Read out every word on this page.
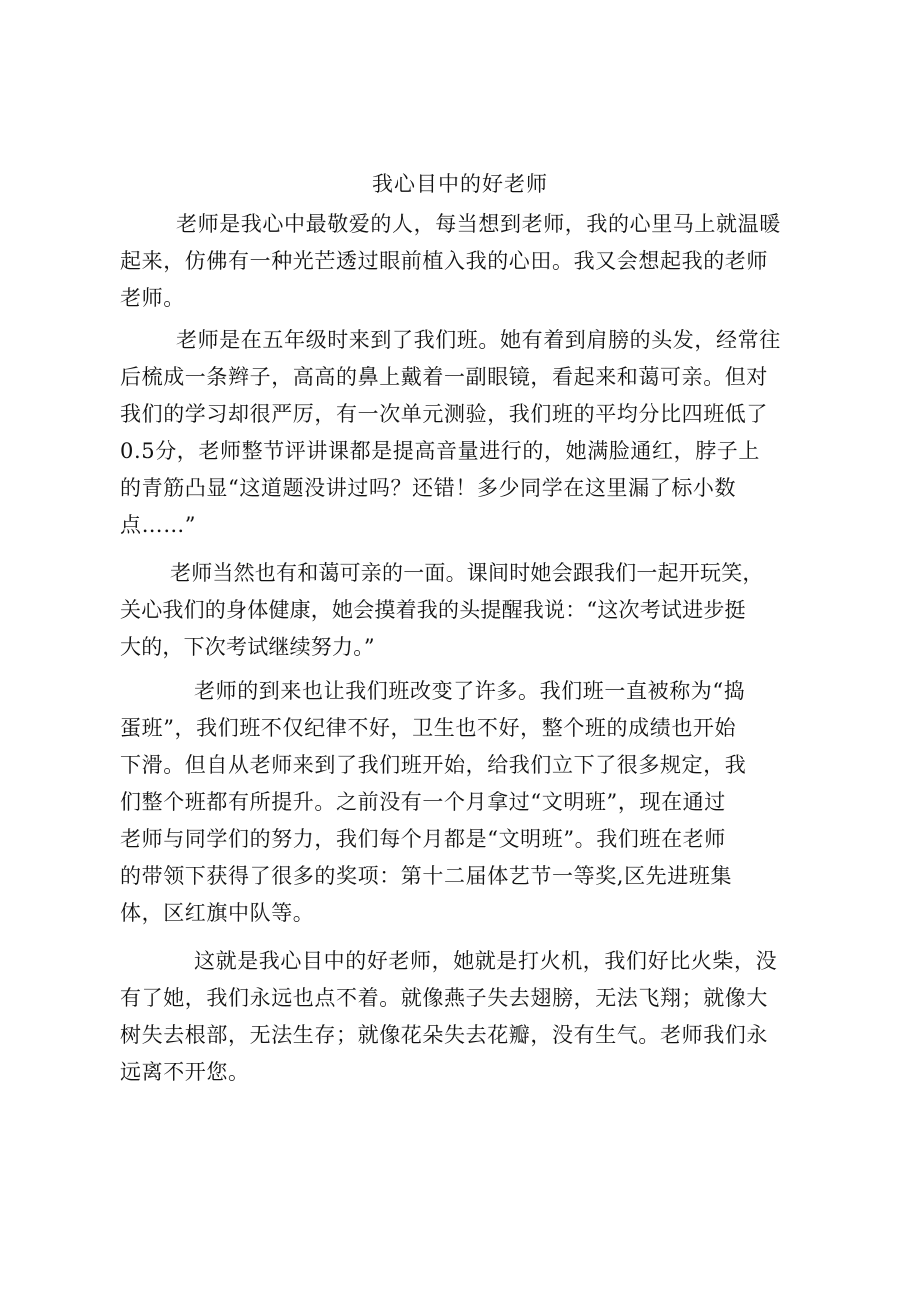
我心目中的好老师

老师是我心中最敬爱的人，每当想到老师，我的心里马上就温暖
起来，仿佛有一种光芒透过眼前植入我的心田。我又会想起我的老师
老师。

老师是在五年级时来到了我们班。她有着到肩膀的头发，经常往
后梳成一条辫子，高高的鼻上戴着一副眼镜，看起来和蔼可亲。但对
我们的学习却很严厉，有一次单元测验，我们班的平均分比四班低了
0.5分，老师整节评讲课都是提高音量进行的，她满脸通红，脖子上
的青筋凸显“这道题没讲过吗？还错！多少同学在这里漏了标小数
点……”

老师当然也有和蔼可亲的一面。课间时她会跟我们一起开玩笑，
关心我们的身体健康，她会摸着我的头提醒我说：“这次考试进步挺
大的，下次考试继续努力。”

老师的到来也让我们班改变了许多。我们班一直被称为“捣
蛋班”，我们班不仅纪律不好，卫生也不好，整个班的成绩也开始
下滑。但自从老师来到了我们班开始，给我们立下了很多规定，我
们整个班都有所提升。之前没有一个月拿过“文明班”，现在通过
老师与同学们的努力，我们每个月都是“文明班”。我们班在老师
的带领下获得了很多的奖项：第十二届体艺节一等奖,区先进班集
体，区红旗中队等。

这就是我心目中的好老师，她就是打火机，我们好比火柴，没
有了她，我们永远也点不着。就像燕子失去翅膀，无法飞翔；就像大
树失去根部，无法生存；就像花朵失去花瓣，没有生气。老师我们永
远离不开您。
